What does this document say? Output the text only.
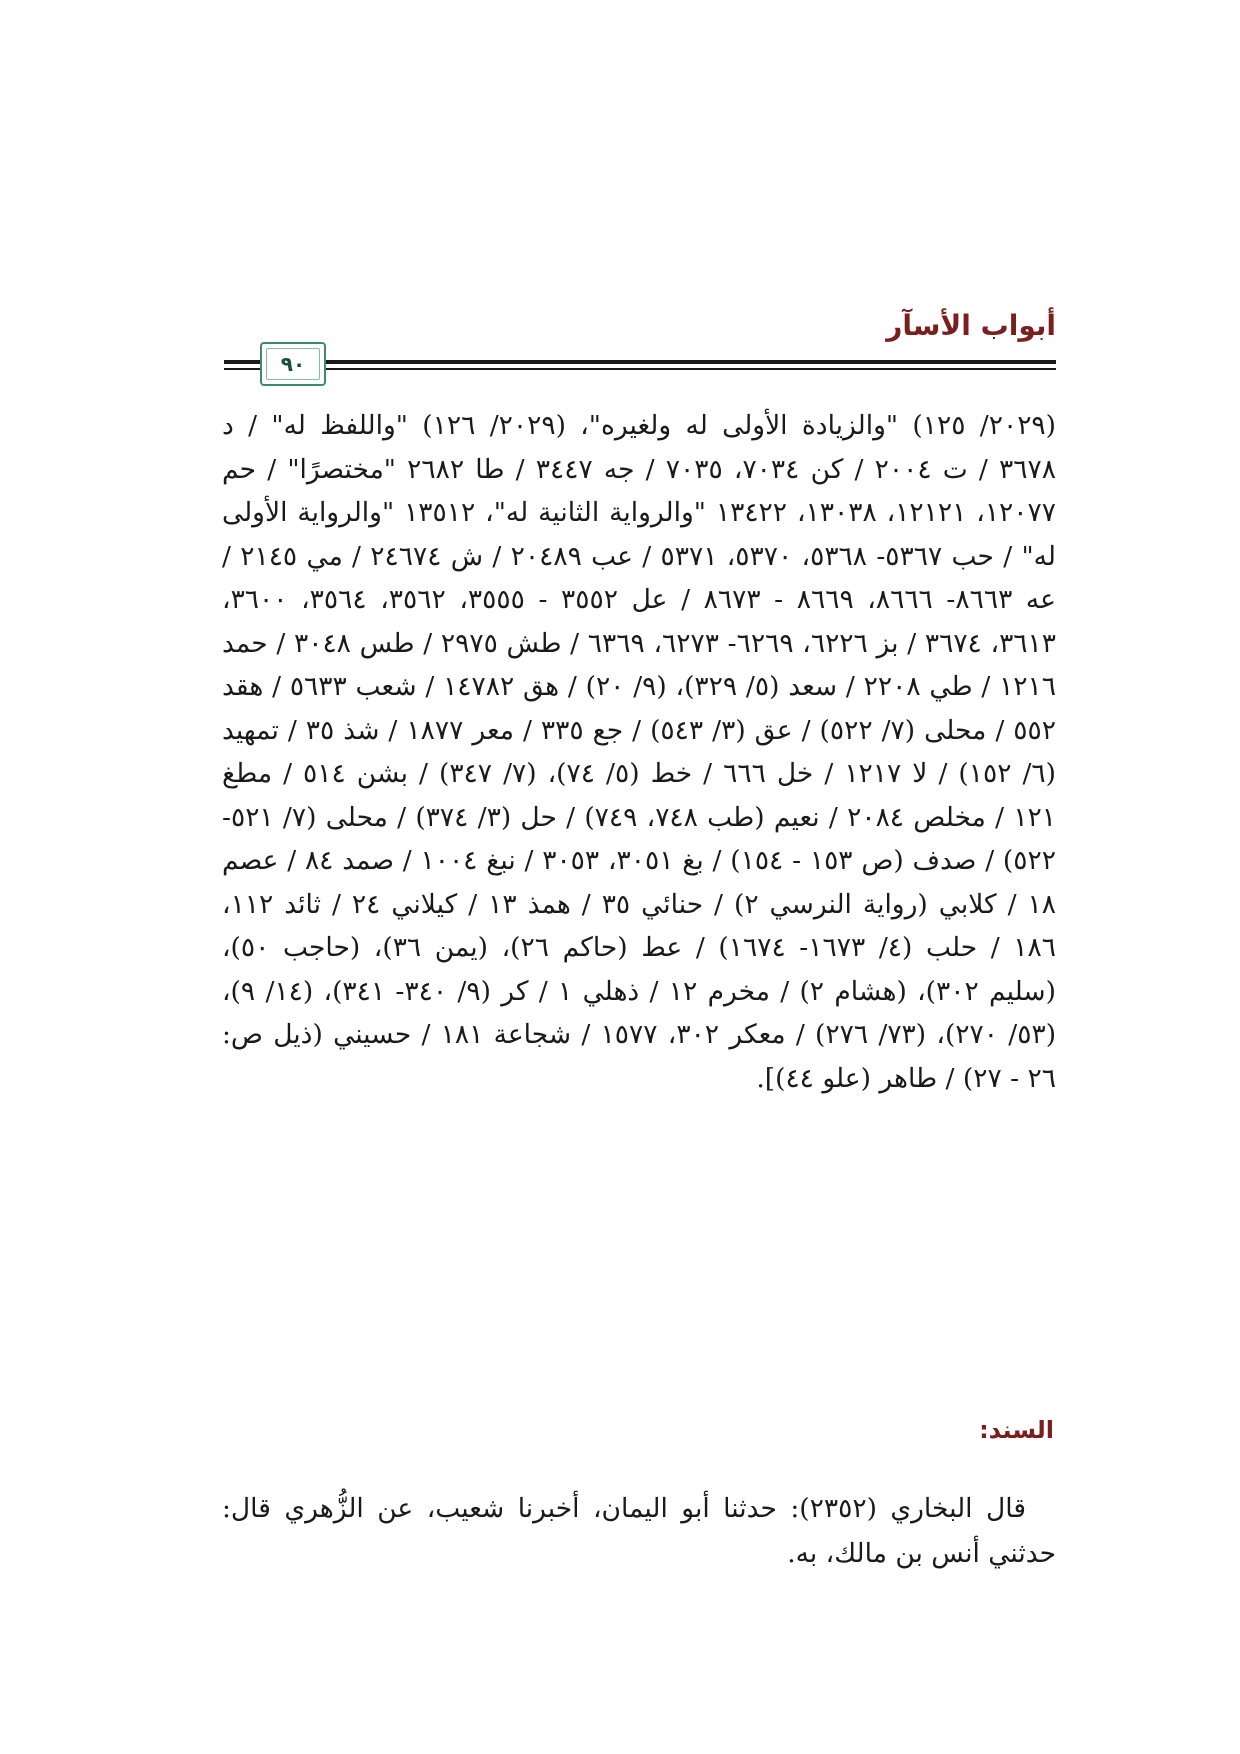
أبواب الأسآر
٩٠

(٢٠٢٩/ ١٢٥) "والزيادة الأولى له ولغيره"، (٢٠٢٩/ ١٢٦) "واللفظ له" / د ٣٦٧٨ / ت ٢٠٠٤ / كن ٧٠٣٤، ٧٠٣٥ / جه ٣٤٤٧ / طا ٢٦٨٢ "مختصرًا" / حم ١٢٠٧٧، ١٢١٢١، ١٣٠٣٨، ١٣٤٢٢ "والرواية الثانية له"، ١٣٥١٢ "والرواية الأولى له" / حب ٥٣٦٧- ٥٣٦٨، ٥٣٧٠، ٥٣٧١ / عب ٢٠٤٨٩ / ش ٢٤٦٧٤ / مي ٢١٤٥ / عه ٨٦٦٣- ٨٦٦٦، ٨٦٦٩ - ٨٦٧٣ / عل ٣٥٥٢ - ٣٥٥٥، ٣٥٦٢، ٣٥٦٤، ٣٦٠٠، ٣٦١٣، ٣٦٧٤ / بز ٦٢٢٦، ٦٢٦٩- ٦٢٧٣، ٦٣٦٩ / طش ٢٩٧٥ / طس ٣٠٤٨ / حمد ١٢١٦ / طي ٢٢٠٨ / سعد (٥/ ٣٢٩)، (٩/ ٢٠) / هق ١٤٧٨٢ / شعب ٥٦٣٣ / هقد ٥٥٢ / محلى (٧/ ٥٢٢) / عق (٣/ ٥٤٣) / جع ٣٣٥ / معر ١٨٧٧ / شذ ٣٥ / تمهيد (٦/ ١٥٢) / لا ١٢١٧ / خل ٦٦٦ / خط (٥/ ٧٤)، (٧/ ٣٤٧) / بشن ٥١٤ / مطغ ١٢١ / مخلص ٢٠٨٤ / نعيم (طب ٧٤٨، ٧٤٩) / حل (٣/ ٣٧٤) / محلى (٧/ ٥٢١- ٥٢٢) / صدف (ص ١٥٣ - ١٥٤) / بغ ٣٠٥١، ٣٠٥٣ / نبغ ١٠٠٤ / صمد ٨٤ / عصم ١٨ / كلابي (رواية النرسي ٢) / حنائي ٣٥ / همذ ١٣ / كيلاني ٢٤ / ثائد ١١٢، ١٨٦ / حلب (٤/ ١٦٧٣- ١٦٧٤) / عط (حاكم ٢٦)، (يمن ٣٦)، (حاجب ٥٠)، (سليم ٣٠٢)، (هشام ٢) / مخرم ١٢ / ذهلي ١ / كر (٩/ ٣٤٠- ٣٤١)، (١٤/ ٩)، (٥٣/ ٢٧٠)، (٧٣/ ٢٧٦) / معكر ٣٠٢، ١٥٧٧ / شجاعة ١٨١ / حسيني (ذيل ص: ٢٦ - ٢٧) / طاهر (علو ٤٤)].

السند:

قال البخاري (٢٣٥٢): حدثنا أبو اليمان، أخبرنا شعيب، عن الزُّهري قال: حدثني أنس بن مالك، به.
